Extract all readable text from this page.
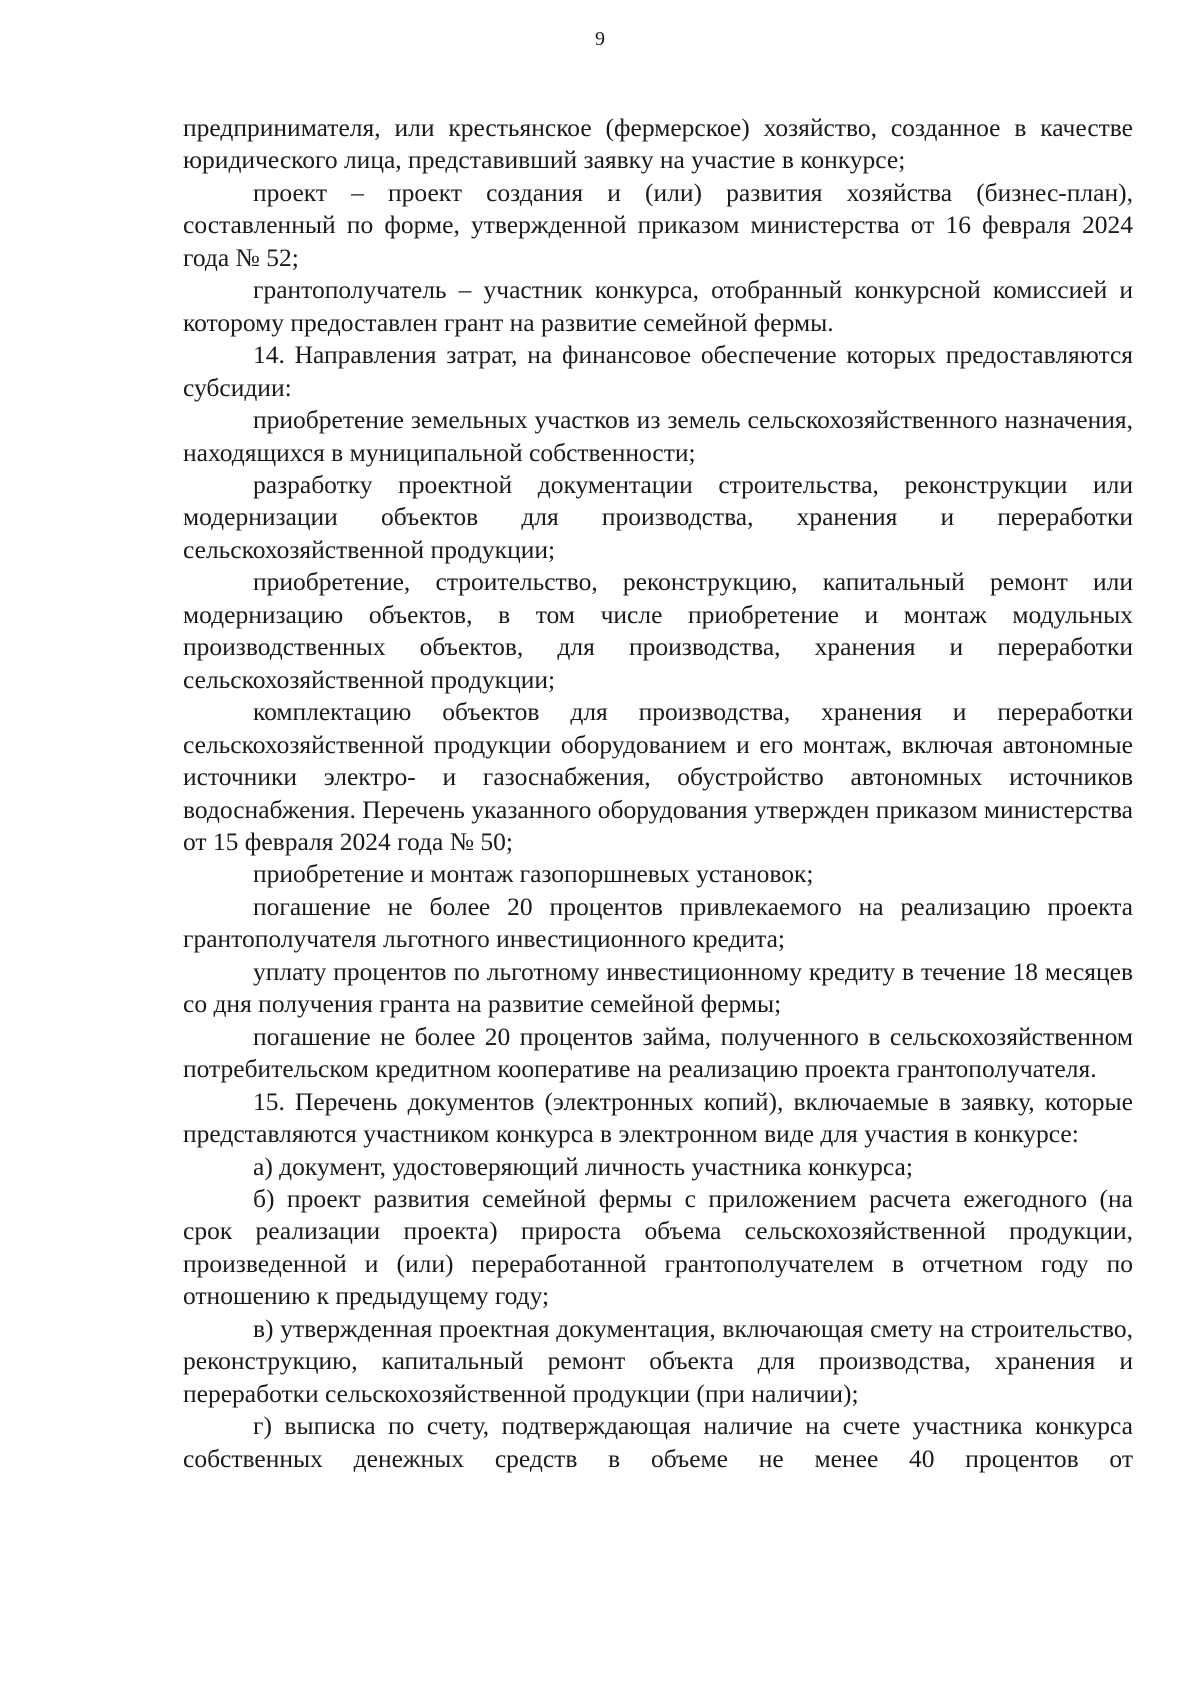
9

предпринимателя, или крестьянское (фермерское) хозяйство, созданное в качестве юридического лица, представивший заявку на участие в конкурсе;

проект – проект создания и (или) развития хозяйства (бизнес-план), составленный по форме, утвержденной приказом министерства от 16 февраля 2024 года № 52;

грантополучатель – участник конкурса, отобранный конкурсной комиссией и которому предоставлен грант на развитие семейной фермы.

14. Направления затрат, на финансовое обеспечение которых предоставляются субсидии:

приобретение земельных участков из земель сельскохозяйственного назначения, находящихся в муниципальной собственности;

разработку проектной документации строительства, реконструкции или модернизации объектов для производства, хранения и переработки сельскохозяйственной продукции;

приобретение, строительство, реконструкцию, капитальный ремонт или модернизацию объектов, в том числе приобретение и монтаж модульных производственных объектов, для производства, хранения и переработки сельскохозяйственной продукции;

комплектацию объектов для производства, хранения и переработки сельскохозяйственной продукции оборудованием и его монтаж, включая автономные источники электро- и газоснабжения, обустройство автономных источников водоснабжения. Перечень указанного оборудования утвержден приказом министерства от 15 февраля 2024 года № 50;

приобретение и монтаж газопоршневых установок;

погашение не более 20 процентов привлекаемого на реализацию проекта грантополучателя льготного инвестиционного кредита;

уплату процентов по льготному инвестиционному кредиту в течение 18 месяцев со дня получения гранта на развитие семейной фермы;

погашение не более 20 процентов займа, полученного в сельскохозяйственном потребительском кредитном кооперативе на реализацию проекта грантополучателя.

15. Перечень документов (электронных копий), включаемые в заявку, которые представляются участником конкурса в электронном виде для участия в конкурсе:

а) документ, удостоверяющий личность участника конкурса;

б) проект развития семейной фермы с приложением расчета ежегодного (на срок реализации проекта) прироста объема сельскохозяйственной продукции, произведенной и (или) переработанной грантополучателем в отчетном году по отношению к предыдущему году;

в) утвержденная проектная документация, включающая смету на строительство, реконструкцию, капитальный ремонт объекта для производства, хранения и переработки сельскохозяйственной продукции (при наличии);

г) выписка по счету, подтверждающая наличие на счете участника конкурса собственных денежных средств в объеме не менее 40 процентов от
